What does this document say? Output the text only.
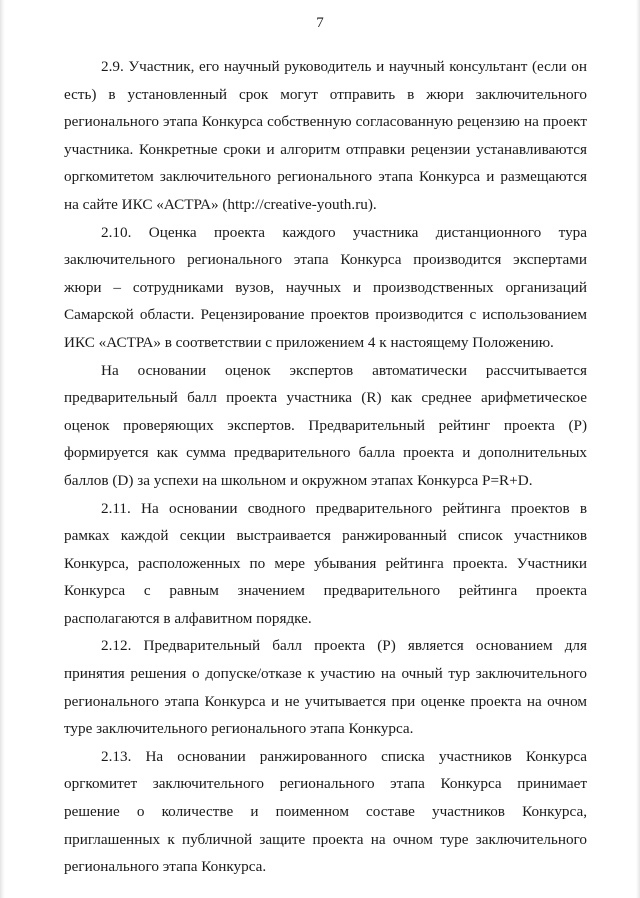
7

2.9. Участник, его научный руководитель и научный консультант (если он есть) в установленный срок могут отправить в жюри заключительного регионального этапа Конкурса собственную согласованную рецензию на проект участника. Конкретные сроки и алгоритм отправки рецензии устанавливаются оргкомитетом заключительного регионального этапа Конкурса и размещаются на сайте ИКС «АСТРА» (http://creative-youth.ru).

2.10. Оценка проекта каждого участника дистанционного тура заключительного регионального этапа Конкурса производится экспертами жюри – сотрудниками вузов, научных и производственных организаций Самарской области. Рецензирование проектов производится с использованием ИКС «АСТРА» в соответствии с приложением 4 к настоящему Положению.

На основании оценок экспертов автоматически рассчитывается предварительный балл проекта участника (R) как среднее арифметическое оценок проверяющих экспертов. Предварительный рейтинг проекта (Р) формируется как сумма предварительного балла проекта и дополнительных баллов (D) за успехи на школьном и окружном этапах Конкурса P=R+D.

2.11. На основании сводного предварительного рейтинга проектов в рамках каждой секции выстраивается ранжированный список участников Конкурса, расположенных по мере убывания рейтинга проекта. Участники Конкурса с равным значением предварительного рейтинга проекта располагаются в алфавитном порядке.

2.12. Предварительный балл проекта (Р) является основанием для принятия решения о допуске/отказе к участию на очный тур заключительного регионального этапа Конкурса и не учитывается при оценке проекта на очном туре заключительного регионального этапа Конкурса.

2.13. На основании ранжированного списка участников Конкурса оргкомитет заключительного регионального этапа Конкурса принимает решение о количестве и поименном составе участников Конкурса, приглашенных к публичной защите проекта на очном туре заключительного регионального этапа Конкурса.
